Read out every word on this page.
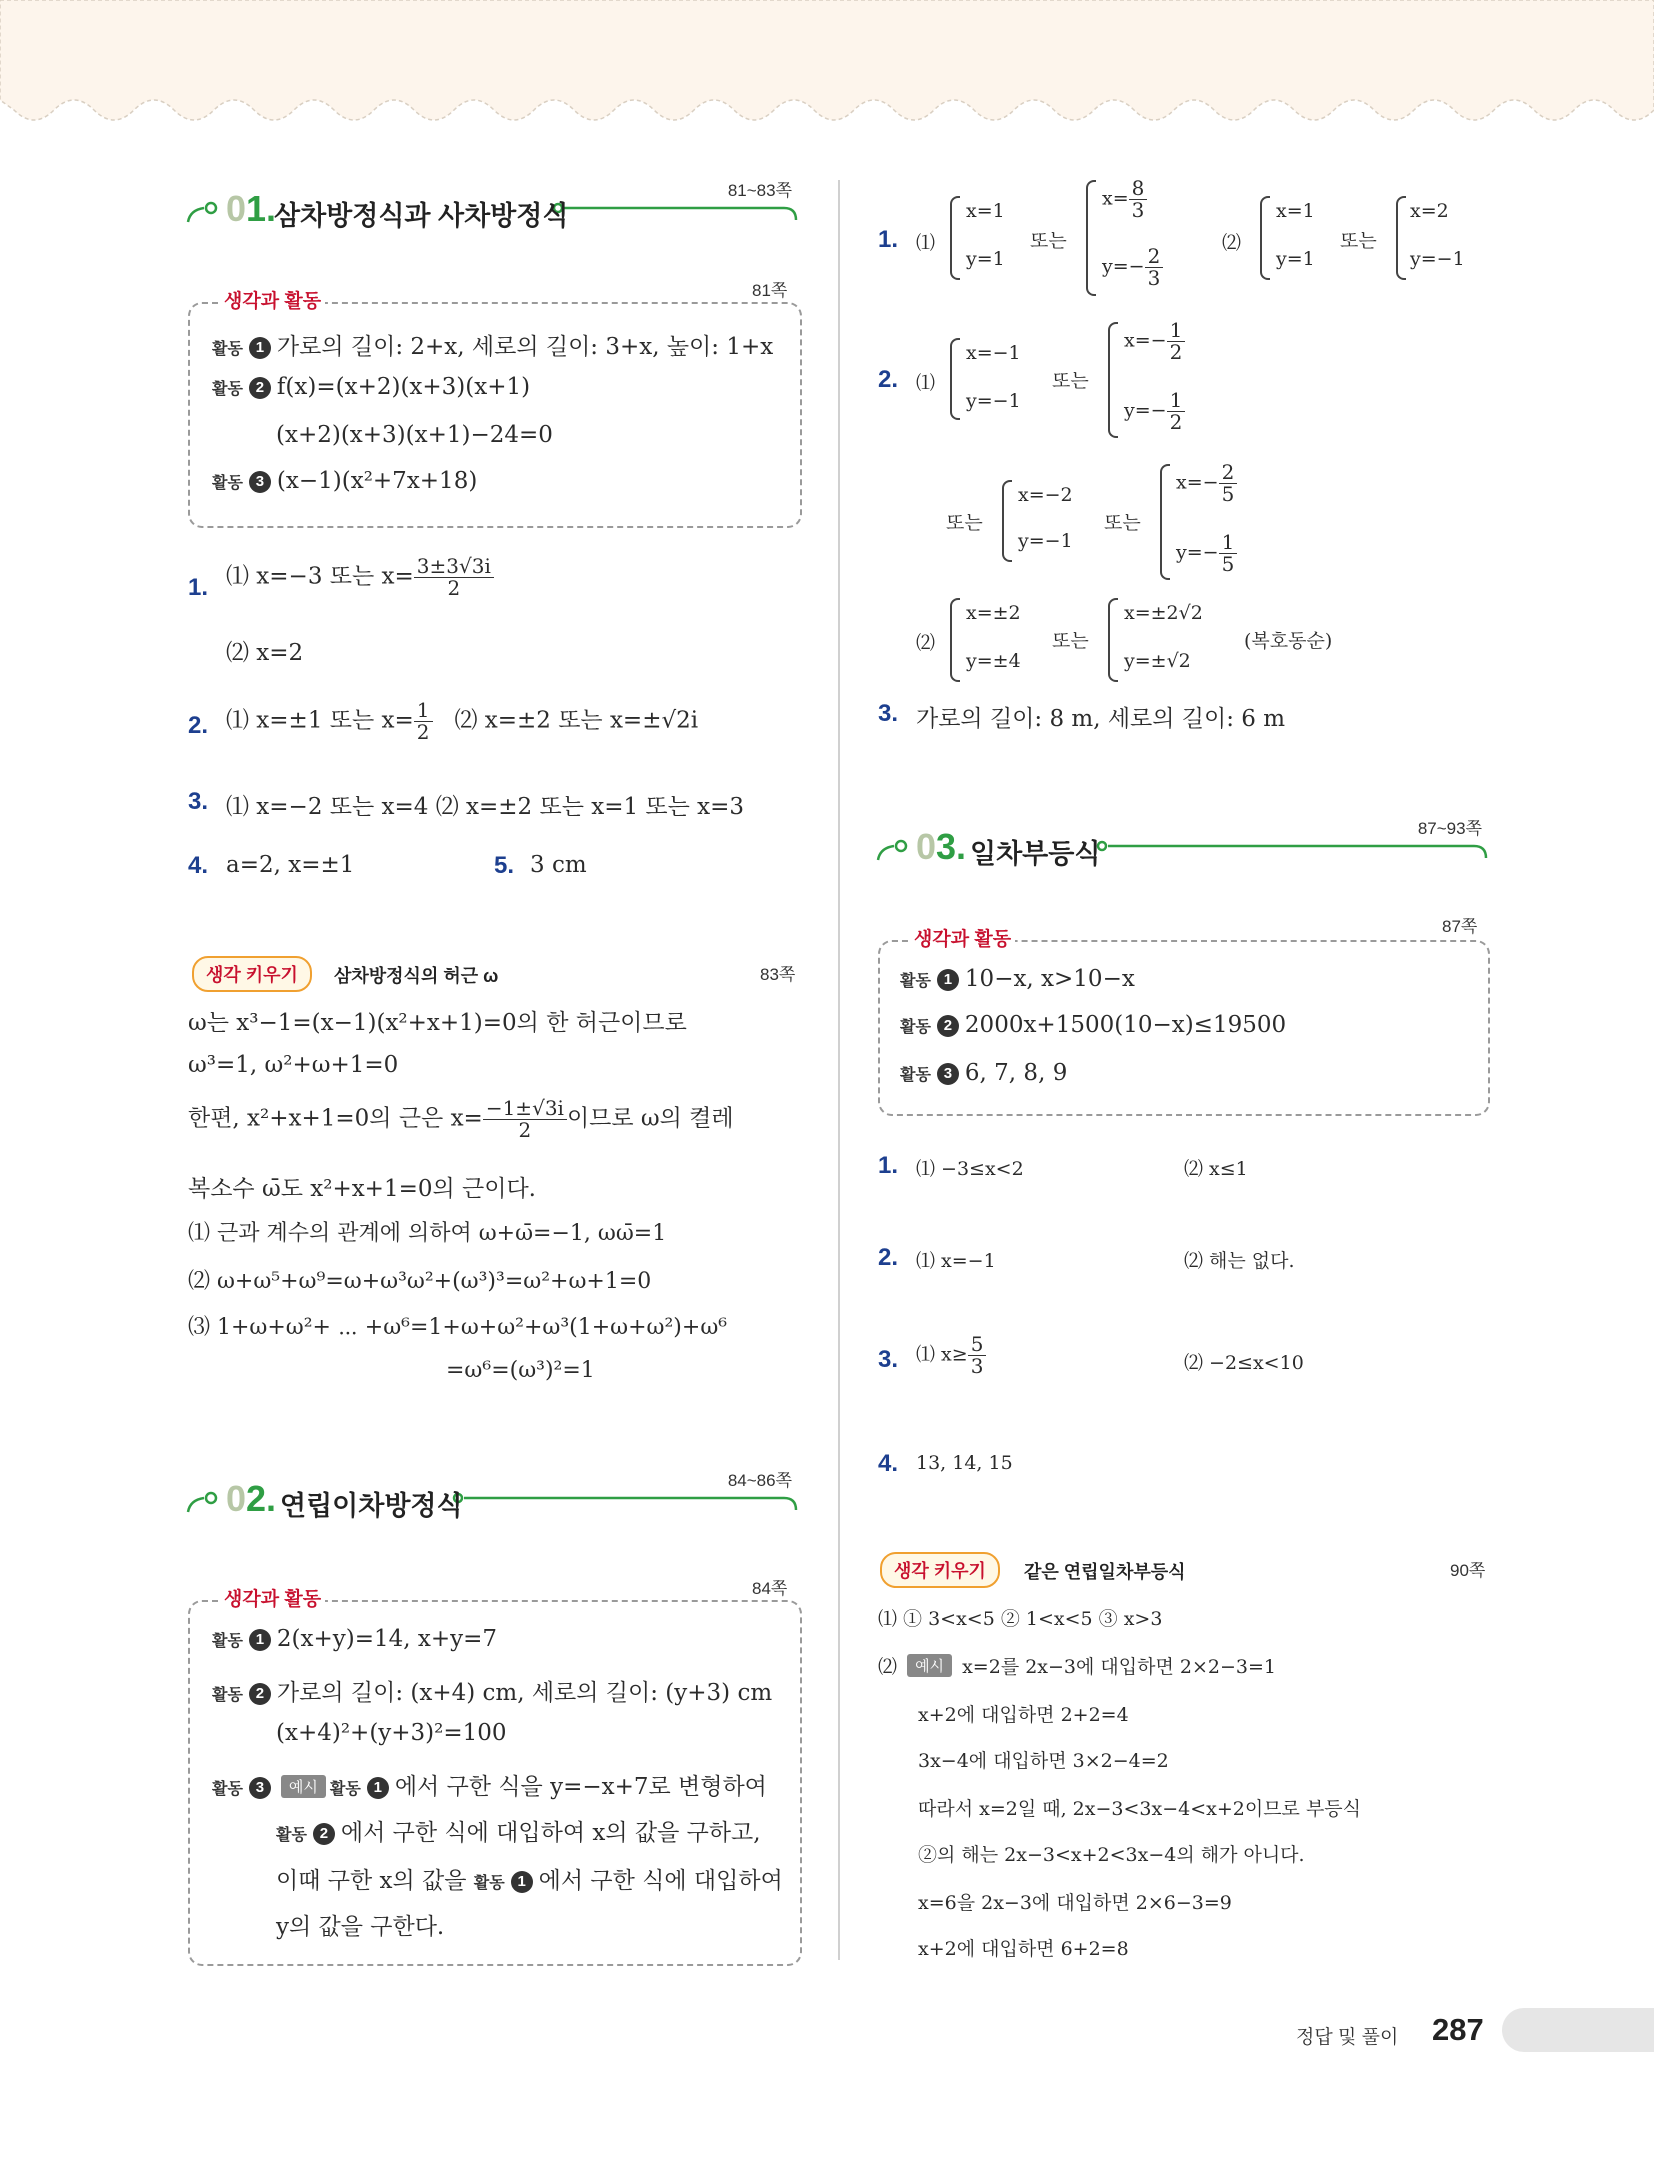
01.
삼차방정식과 사차방정식
81~83쪽
생각과 활동
81쪽
활동 1 가로의 길이: 2+x, 세로의 길이: 3+x, 높이: 1+x
활동 2 f(x)=(x+2)(x+3)(x+1)
(x+2)(x+3)(x+1)−24=0
활동 3 (x−1)(x²+7x+18)
1. ⑴ x=−3 또는 $x= \frac{3\pm 3√3i}{2}$
⑵ x=2
2. ⑴ x=±1 또는 $x= \frac{1}{2}$ ⑵ x=±2 또는 x=±√2i
3. ⑴ x=−2 또는 x=4 ⑵ x=±2 또는 x=1 또는 x=3
4. a=2, x=±1	5. 3 cm
생각 키우기	삼차방정식의 허근 ω	83쪽
ω는 x³−1=(x−1)(x²+x+1)=0의 한 허근이므로
ω³=1, ω²+ω+1=0
한편, x²+x+1=0의 근은 $x= \frac{-1\pm√3i}{2}$ 이므로 ω의 켤레
복소수 ω̄도 x²+x+1=0의 근이다.
⑴ 근과 계수의 관계에 의하여 ω+ω̄=−1, ωω̄=1
⑵ ω+ω⁵+ω⁹=ω+ω³ω²+(ω³)³=ω²+ω+1=0
⑶ 1+ω+ω²+ ⋯ +ω⁶=1+ω+ω²+ω³(1+ω+ω²)+ω⁶
=ω⁶=(ω³)²=1
02. 연립이차방정식
84~86쪽
생각과 활동
84쪽
활동 1 2(x+y)=14, x+y=7
활동 2 가로의 길이: (x+4) cm, 세로의 길이: (y+3) cm
(x+4)²+(y+3)²=100
활동 3 예시 활동 1 에서 구한 식을 y=−x+7로 변형하여
활동 2 에서 구한 식에 대입하여 x의 값을 구하고,
이때 구한 x의 값을 활동 1 에서 구한 식에 대입하여
y의 값을 구한다.
1. ⑴
x=1
y=1
또는
$x= \frac{8}{3}$
$y=- \frac{2}{3}$
⑵
x=1
y=1
또는
x=2
y=−1
2. ⑴
x=−1
y=−1
또는
$x=- \frac{1}{2}$
$y=- \frac{1}{2}$
또는
x=−2
y=−1
또는
$x=- \frac{2}{5}$
$y=- \frac{1}{5}$
⑵
x=±2
y=±4
또는
x=±2√2
y=±√2
(복호동순)
3. 가로의 길이: 8 m, 세로의 길이: 6 m
03. 일차부등식
87~93쪽
생각과 활동
87쪽
활동 1 10−x, x>10−x
활동 2 2000x+1500(10−x)≤19500
활동 3 6, 7, 8, 9
1. ⑴ −3≤x<2	⑵ x≤1
2. ⑴ x=−1	⑵ 해는 없다.
3. ⑴ $x\ge \frac{5}{3}$	⑵ −2≤x<10
4. 13, 14, 15
생각 키우기	같은 연립일차부등식	90쪽
⑴ ① 3<x<5 ② 1<x<5 ③ x>3
⑵ 예시 x=2를 2x−3에 대입하면 2×2−3=1
x+2에 대입하면 2+2=4
3x−4에 대입하면 3×2−4=2
따라서 x=2일 때, 2x−3<3x−4<x+2이므로 부등식
②의 해는 2x−3<x+2<3x−4의 해가 아니다.
x=6을 2x−3에 대입하면 2×6−3=9
x+2에 대입하면 6+2=8
정답 및 풀이 287
